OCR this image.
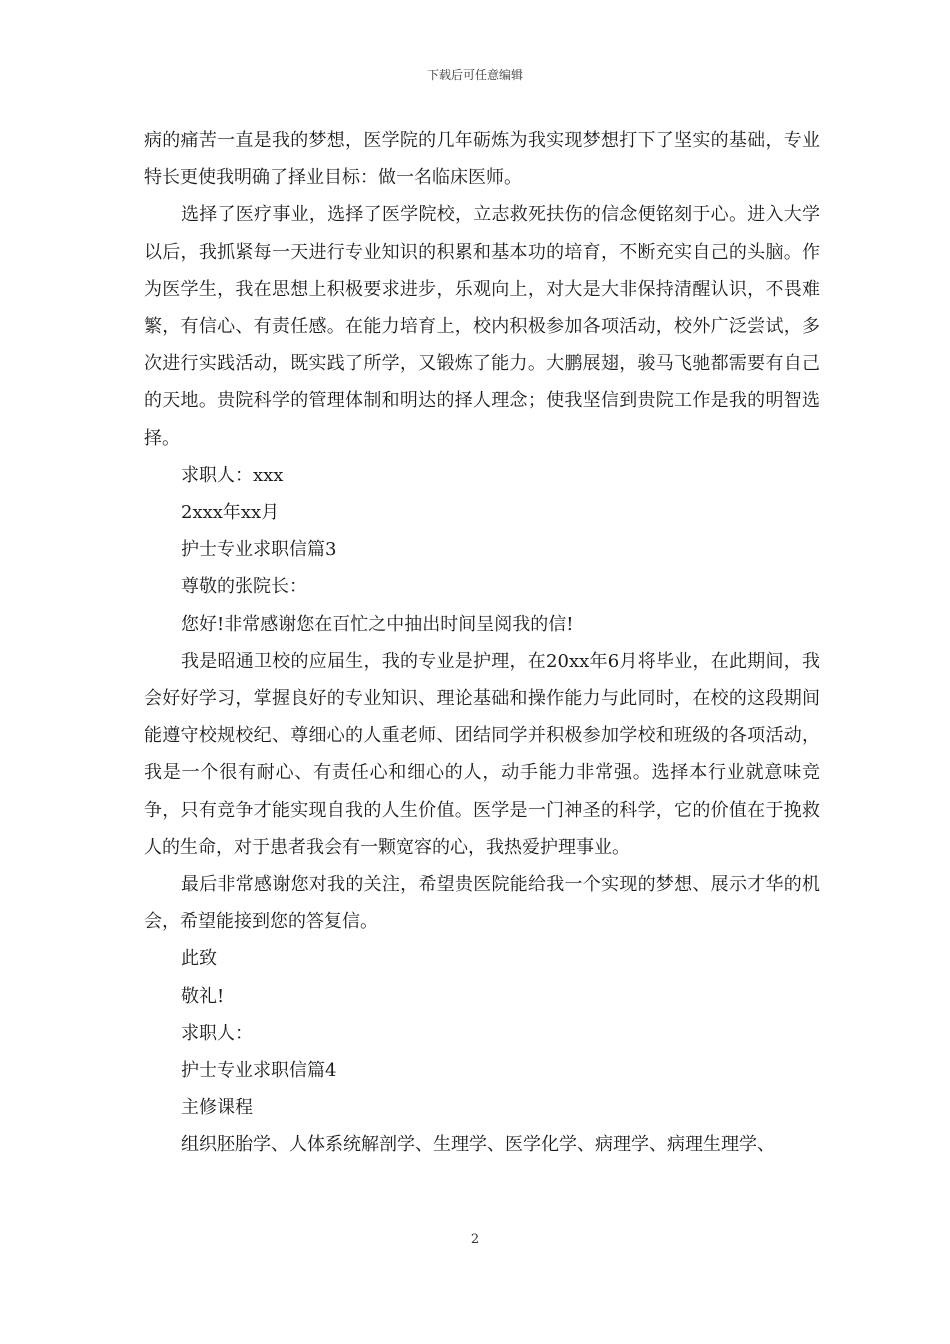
下载后可任意编辑

病的痛苦一直是我的梦想，医学院的几年砺炼为我实现梦想打下了坚实的基础，专业特长更使我明确了择业目标：做一名临床医师。

选择了医疗事业，选择了医学院校，立志救死扶伤的信念便铭刻于心。进入大学以后，我抓紧每一天进行专业知识的积累和基本功的培育，不断充实自己的头脑。作为医学生，我在思想上积极要求进步，乐观向上，对大是大非保持清醒认识，不畏难繁，有信心、有责任感。在能力培育上，校内积极参加各项活动，校外广泛尝试，多次进行实践活动，既实践了所学，又锻炼了能力。大鹏展翅，骏马飞驰都需要有自己的天地。贵院科学的管理体制和明达的择人理念；使我坚信到贵院工作是我的明智选择。

求职人：xxx

2xxx年xx月

护士专业求职信篇3

尊敬的张院长：

您好!非常感谢您在百忙之中抽出时间呈阅我的信!

我是昭通卫校的应届生，我的专业是护理，在20xx年6月将毕业，在此期间，我会好好学习，掌握良好的专业知识、理论基础和操作能力与此同时，在校的这段期间能遵守校规校纪、尊细心的人重老师、团结同学并积极参加学校和班级的各项活动，我是一个很有耐心、有责任心和细心的人，动手能力非常强。选择本行业就意味竞争，只有竞争才能实现自我的人生价值。医学是一门神圣的科学，它的价值在于挽救人的生命，对于患者我会有一颗宽容的心，我热爱护理事业。

最后非常感谢您对我的关注，希望贵医院能给我一个实现的梦想、展示才华的机会，希望能接到您的答复信。

此致

敬礼!

求职人：

护士专业求职信篇4

主修课程

组织胚胎学、人体系统解剖学、生理学、医学化学、病理学、病理生理学、

2
